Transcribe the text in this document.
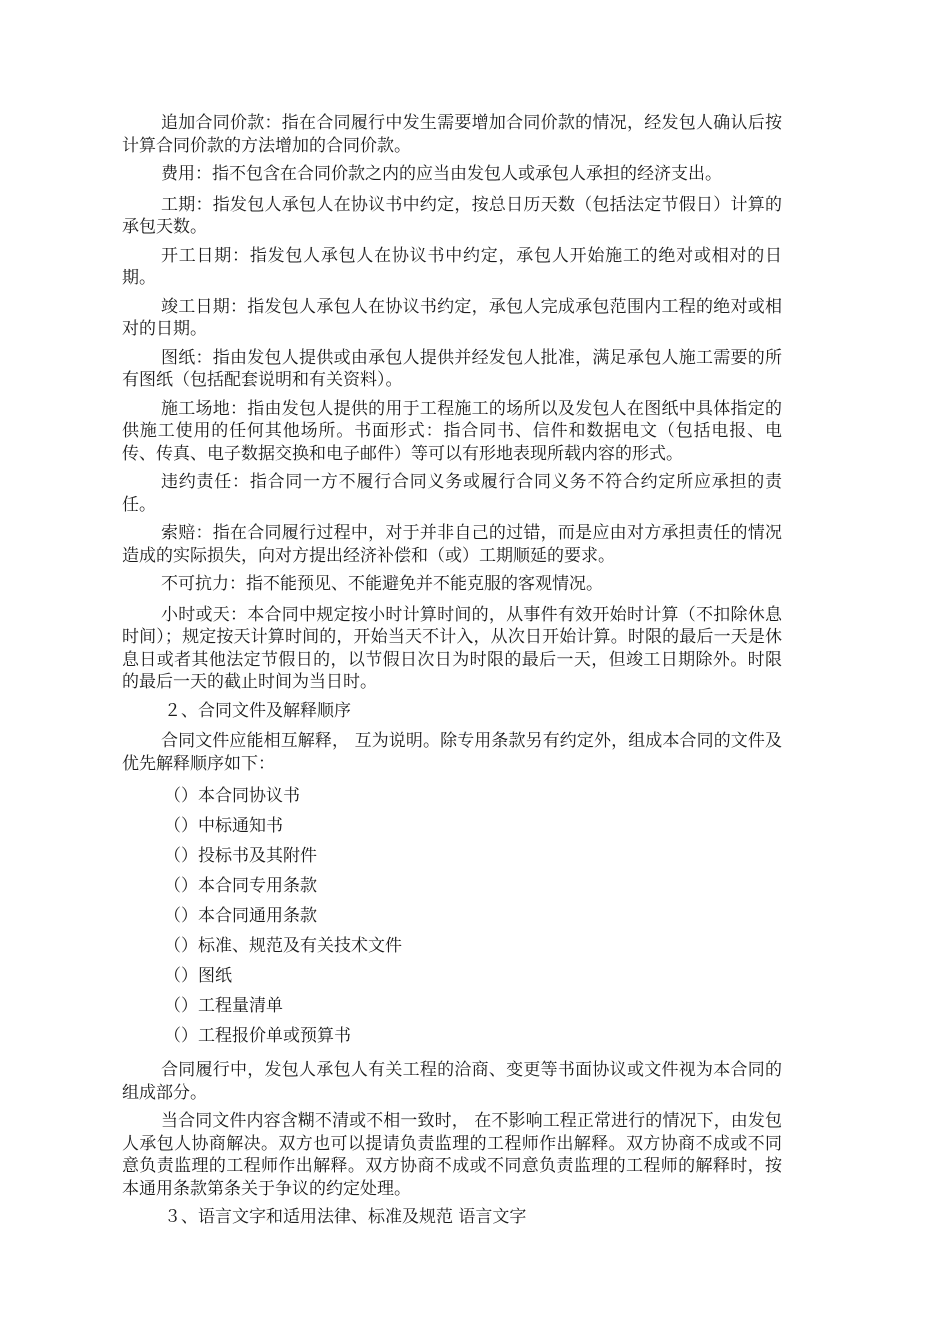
追加合同价款：指在合同履行中发生需要增加合同价款的情况，经发包人确认后按计算合同价款的方法增加的合同价款。

费用：指不包含在合同价款之内的应当由发包人或承包人承担的经济支出。

工期：指发包人承包人在协议书中约定，按总日历天数（包括法定节假日）计算的承包天数。

开工日期：指发包人承包人在协议书中约定，承包人开始施工的绝对或相对的日期。

竣工日期：指发包人承包人在协议书约定，承包人完成承包范围内工程的绝对或相对的日期。

图纸：指由发包人提供或由承包人提供并经发包人批准，满足承包人施工需要的所有图纸（包括配套说明和有关资料）。

施工场地：指由发包人提供的用于工程施工的场所以及发包人在图纸中具体指定的供施工使用的任何其他场所。书面形式：指合同书、信件和数据电文（包括电报、电传、传真、电子数据交换和电子邮件）等可以有形地表现所载内容的形式。

违约责任：指合同一方不履行合同义务或履行合同义务不符合约定所应承担的责任。

索赔：指在合同履行过程中，对于并非自己的过错，而是应由对方承担责任的情况造成的实际损失，向对方提出经济补偿和（或）工期顺延的要求。

不可抗力：指不能预见、不能避免并不能克服的客观情况。

小时或天：本合同中规定按小时计算时间的，从事件有效开始时计算（不扣除休息时间）；规定按天计算时间的，开始当天不计入，从次日开始计算。时限的最后一天是休息日或者其他法定节假日的，以节假日次日为时限的最后一天，但竣工日期除外。时限的最后一天的截止时间为当日时。

２、合同文件及解释顺序

合同文件应能相互解释， 互为说明。除专用条款另有约定外，组成本合同的文件及优先解释顺序如下：

（）本合同协议书

（）中标通知书

（）投标书及其附件

（）本合同专用条款

（）本合同通用条款

（）标准、规范及有关技术文件

（）图纸

（）工程量清单

（）工程报价单或预算书

合同履行中，发包人承包人有关工程的洽商、变更等书面协议或文件视为本合同的组成部分。

当合同文件内容含糊不清或不相一致时， 在不影响工程正常进行的情况下，由发包人承包人协商解决。双方也可以提请负责监理的工程师作出解释。双方协商不成或不同意负责监理的工程师作出解释。双方协商不成或不同意负责监理的工程师的解释时，按本通用条款第条关于争议的约定处理。

３、语言文字和适用法律、标准及规范 语言文字
